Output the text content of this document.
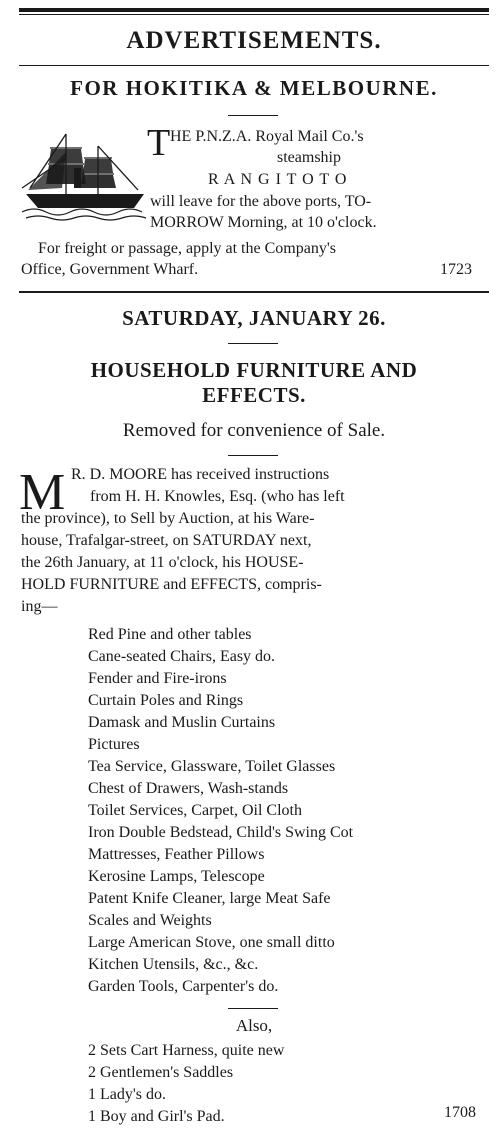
ADVERTISEMENTS.
FOR HOKITIKA & MELBOURNE.
T HE P.N.Z.A. Royal Mail Co.'s

steamship

R A N G I T O T O

will leave for the above ports, TO-

MORROW Morning, at 10 o'clock.

For freight or passage, apply at the Company's

Office, Government Wharf.	1723

SATURDAY, JANUARY 26.
HOUSEHOLD FURNITURE AND
EFFECTS.

Removed for convenience of Sale.

M R. D. MOORE has received instructions

from H. H. Knowles, Esq. (who has left

the province), to Sell by Auction, at his Ware-

house, Trafalgar-street, on SATURDAY next,

the 26th January, at 11 o'clock, his HOUSE-

HOLD FURNITURE and EFFECTS, compris-

ing—

Red Pine and other tables

Cane-seated Chairs, Easy do.

Fender and Fire-irons

Curtain Poles and Rings

Damask and Muslin Curtains

Pictures

Tea Service, Glassware, Toilet Glasses

Chest of Drawers, Wash-stands

Toilet Services, Carpet, Oil Cloth

Iron Double Bedstead, Child's Swing Cot

Mattresses, Feather Pillows

Kerosine Lamps, Telescope

Patent Knife Cleaner, large Meat Safe

Scales and Weights

Large American Stove, one small ditto

Kitchen Utensils, &c., &c.

Garden Tools, Carpenter's do.

Also,

2 Sets Cart Harness, quite new

2 Gentlemen's Saddles

1 Lady's do.

1 Boy and Girl's Pad.	1708
